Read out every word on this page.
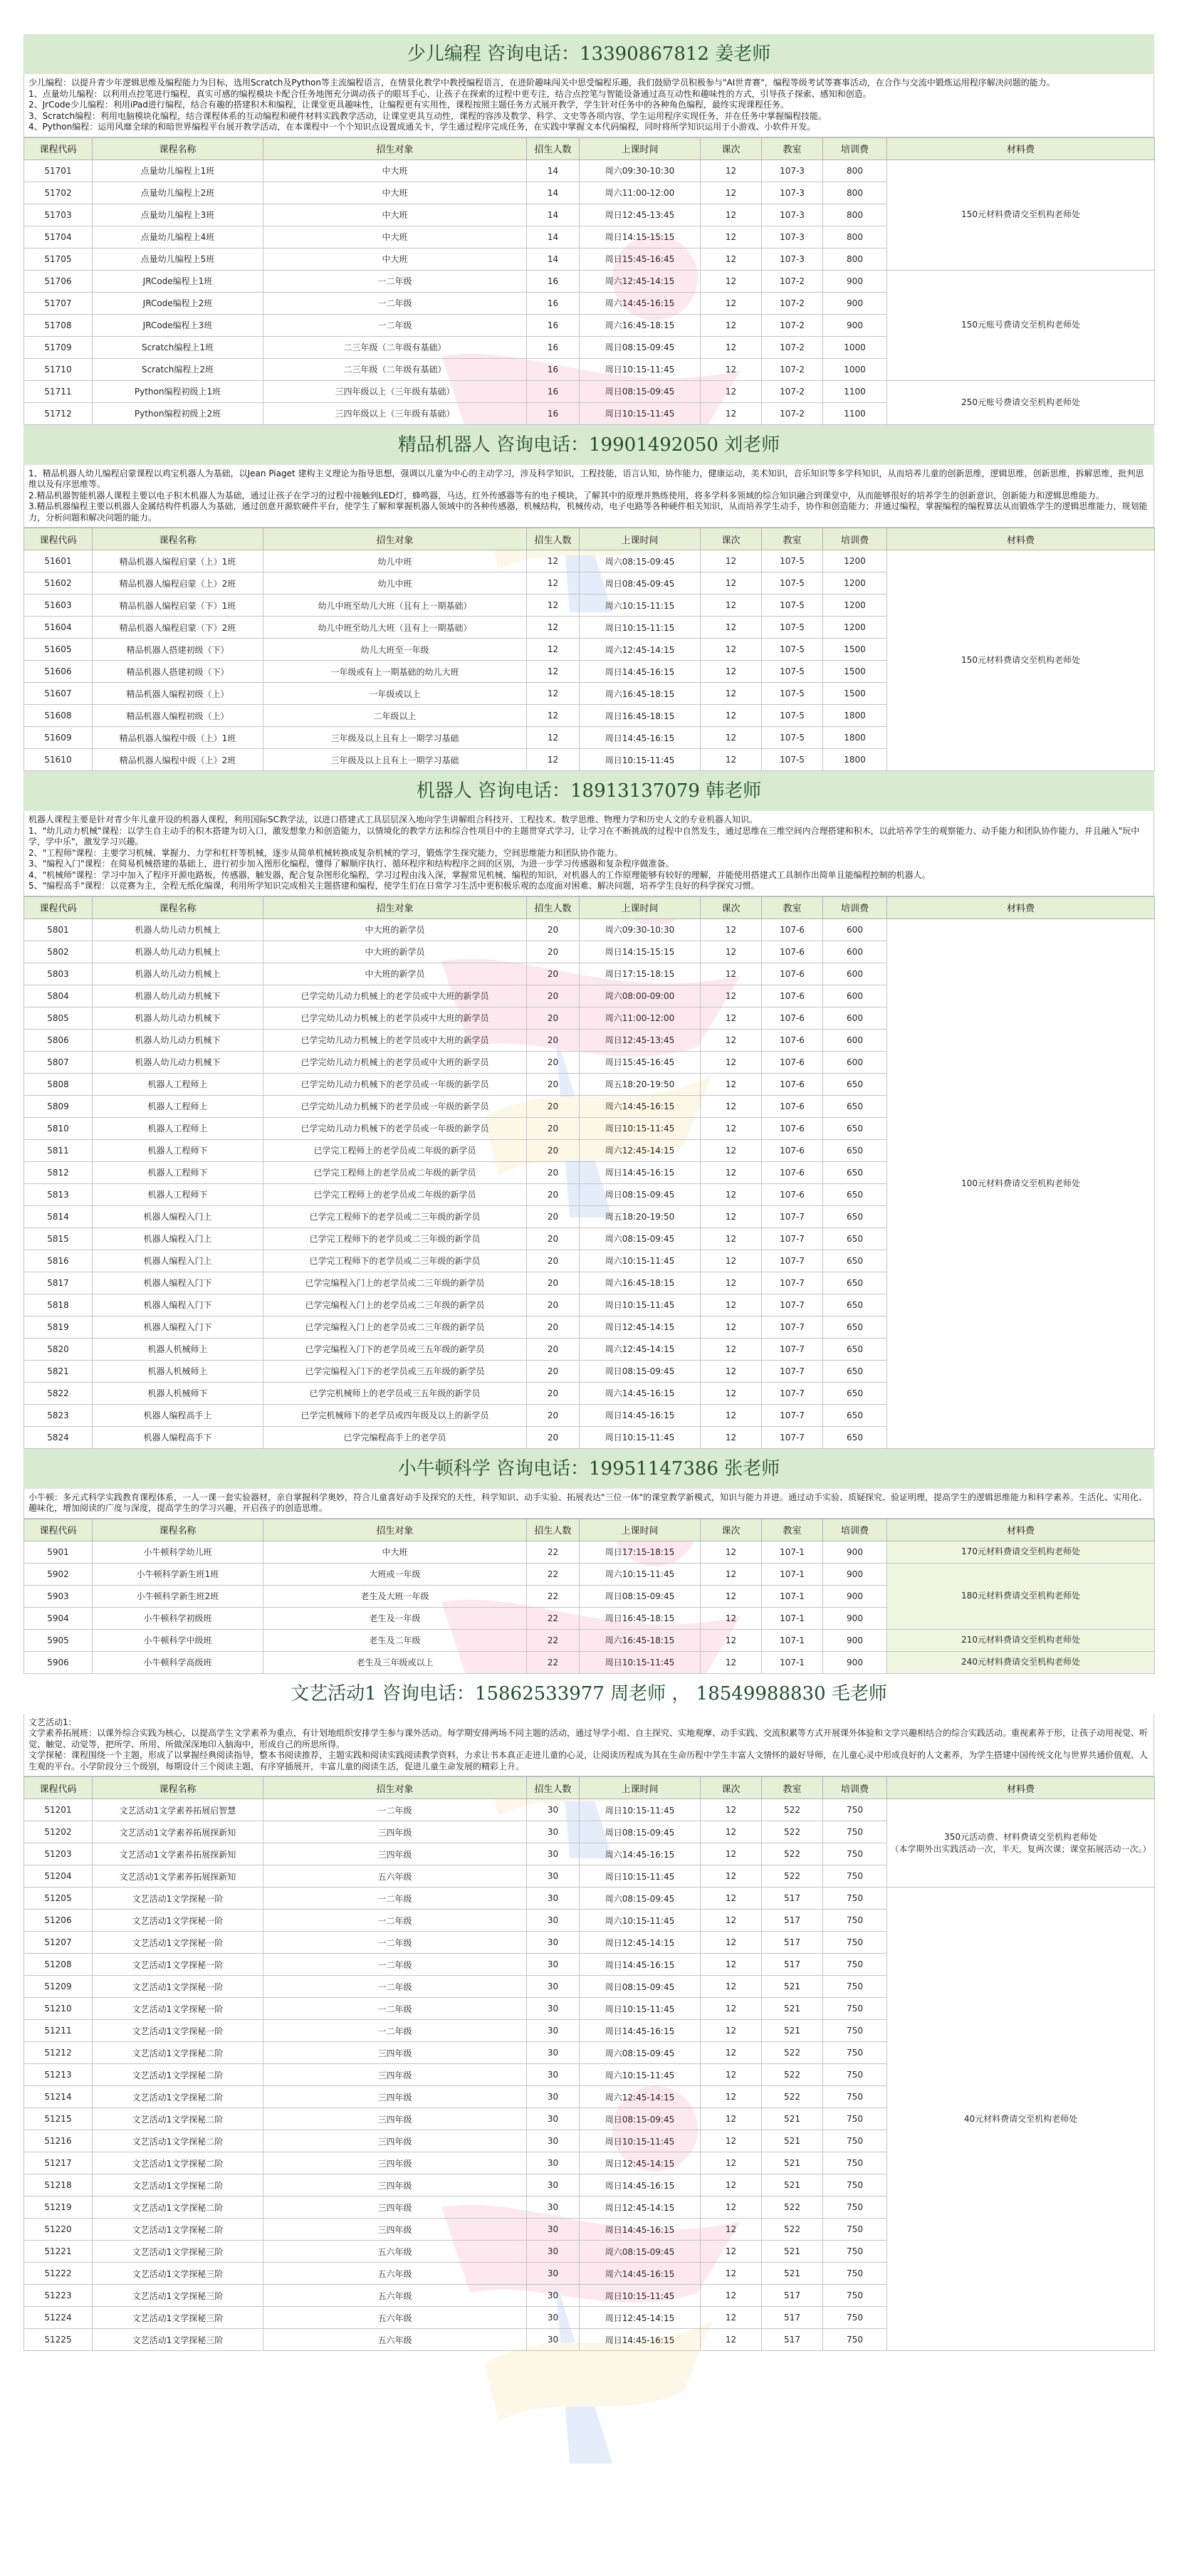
少儿编程 咨询电话：13390867812 姜老师
少儿编程：以提升青少年逻辑思维及编程能力为目标，选用Scratch及Python等主流编程语言，在情景化教学中教授编程语言，在进阶趣味闯关中思受编程乐趣，我们鼓励学员积极参与"AI世青赛"，编程等级考试等赛事活动，在合作与交流中锻炼运用程序解决问题的能力。
1、点量幼儿编程：以利用点控笔进行编程，真实可感的编程模块卡配合任务地图充分调动孩子的眼耳手心，让孩子在探索的过程中更专注，结合点控笔与智能设备通过高互动性和趣味性的方式，引导孩子探索、感知和创造。
2、JrCode少儿编程：利用iPad进行编程，结合有趣的搭建积木和编程，让课堂更具趣味性，让编程更有实用性，课程按照主题任务方式展开教学，学生针对任务中的各种角色编程，最终实现课程任务。
3、Scratch编程：利用电脑模块化编程，结合课程体系的互动编程和硬件材料实践教学活动，让课堂更具互动性，课程的容涉及数学、科学、文史等各项内容，学生运用程序实现任务，并在任务中掌握编程技能。
4、Python编程：运用风靡全球的和暗世界编程平台展开教学活动，在本课程中一个个知识点设置成通关卡，学生通过程序完成任务，在实践中掌握文本代码编程，同时将所学知识运用于小游戏、小软件开发。
课程代码	课程名称	招生对象	招生人数	上课时间	课次	教室	培训费	材料费
51701	点量幼儿编程上1班	中大班	14	周六09:30-10:30	12	107-3	800	150元材料费请交至机构老师处
51702	点量幼儿编程上2班	中大班	14	周六11:00-12:00	12	107-3	800	
51703	点量幼儿编程上3班	中大班	14	周日12:45-13:45	12	107-3	800	
51704	点量幼儿编程上4班	中大班	14	周日14:15-15:15	12	107-3	800	
51705	点量幼儿编程上5班	中大班	14	周日15:45-16:45	12	107-3	800	
51706	JRCode编程上1班	一二年级	16	周六12:45-14:15	12	107-2	900	150元账号费请交至机构老师处
51707	JRCode编程上2班	一二年级	16	周六14:45-16:15	12	107-2	900	
51708	JRCode编程上3班	一二年级	16	周六16:45-18:15	12	107-2	900	
51709	Scratch编程上1班	二三年级（二年级有基础）	16	周日08:15-09:45	12	107-2	1000	
51710	Scratch编程上2班	二三年级（二年级有基础）	16	周日10:15-11:45	12	107-2	1000	
51711	Python编程初级上1班	三四年级以上（三年级有基础）	16	周日08:15-09:45	12	107-2	1100	250元账号费请交至机构老师处
51712	Python编程初级上2班	三四年级以上（三年级有基础）	16	周日10:15-11:45	12	107-2	1100	
精品机器人 咨询电话：19901492050 刘老师
1、精品机器人幼儿编程启蒙课程以鸡宝机器人为基础，以Jean Piaget 建构主义理论为指导思想，强调以儿童为中心的主动学习，涉及科学知识，工程技能，语言认知，协作能力，健康运动，美术知识，音乐知识等多学科知识，从而培养儿童的创新思维，逻辑思维，创新思维，拆解思维，批判思维以及有序思维等。
2.精品机器智能机器人课程主要以电子积木机器人为基础，通过让孩子在学习的过程中接触到LED灯，蜂鸣器，马达，红外传感器等有的电子模块，了解其中的原理并熟练使用，将多学科多领域的综合知识融合到课堂中，从而能够很好的培养学生的创新意识，创新能力和逻辑思维能力。
3.精品机器编程主要以机器人金属结构件机器人为基础，通过创意开源软硬件平台，使学生了解和掌握机器人领域中的各种传感器，机械结构，机械传动，电子电路等各种硬件相关知识，从而培养学生动手，协作和创造能力；并通过编程，掌握编程的编程算法从而锻炼学生的逻辑思维能力，规划能力，分析问题和解决问题的能力。
课程代码	课程名称	招生对象	招生人数	上课时间	课次	教室	培训费	材料费
51601	精品机器人编程启蒙（上）1班	幼儿中班	12	周六08:15-09:45	12	107-5	1200	150元材料费请交至机构老师处
51602	精品机器人编程启蒙（上）2班	幼儿中班	12	周日08:45-09:45	12	107-5	1200	
51603	精品机器人编程启蒙（下）1班	幼儿中班至幼儿大班（且有上一期基础）	12	周六10:15-11:15	12	107-5	1200	
51604	精品机器人编程启蒙（下）2班	幼儿中班至幼儿大班（且有上一期基础）	12	周日10:15-11:15	12	107-5	1200	
51605	精品机器人搭建初级（下）	幼儿大班至一年级	12	周六12:45-14:15	12	107-5	1500	
51606	精品机器人搭建初级（下）	一年级或有上一期基础的幼儿大班	12	周日14:45-16:15	12	107-5	1500	
51607	精品机器人编程初级（上）	一年级或以上	12	周六16:45-18:15	12	107-5	1500	
51608	精品机器人编程初级（上）	二年级以上	12	周日16:45-18:15	12	107-5	1800	
51609	精品机器人编程中级（上）1班	三年级及以上且有上一期学习基础	12	周日14:45-16:15	12	107-5	1800	
51610	精品机器人编程中级（上）2班	三年级及以上且有上一期学习基础	12	周日10:15-11:45	12	107-5	1800	
机器人 咨询电话：18913137079 韩老师
机器人课程主要是针对青少年儿童开设的机器人课程，利用国际SC教学法，以进口搭建式工具层层深入地向学生讲解组合科技开、工程技术、数学思维、物理力学和历史人文的专业机器人知识。
1、"幼儿动力机械"课程：以学生自主动手的积木搭建为切入口，激发想象力和创造能力，以情境化的教学方法和综合性项目中的主题贯穿式学习，让学习在不断挑战的过程中自然发生，通过思维在三维空间内合理搭建和积木，以此培养学生的观察能力、动手能力和团队协作能力，并且融入"玩中学，学中乐"，激发学习兴趣。
2、"工程师"课程：主要学习机械、掌握力、力学和杠杆等机械，逐步从简单机械转换成复杂机械的学习，锻炼学生探究能力，空间思维能力和团队协作能力。
3、"编程入门"课程：在简易机械搭建的基础上，进行初步加入图形化编程，懂得了解顺序执行、循环程序和结构程序之间的区别，为进一步学习传感器和复杂程序做准备。
4、"机械师"课程：学习中加入了程序开源电路板，传感器，触发器，配合复杂图形化编程，学习过程由浅入深，掌握常见机械、编程的知识，对机器人的工作原理能够有较好的理解，并能使用搭建式工具制作出简单且能编程控制的机器人。
5、"编程高手"课程：以竞赛为主，全程无纸化编课，利用所学知识完成相关主题搭建和编程，使学生们在日常学习生活中更积极乐观的态度面对困难、解决问题，培养学生良好的科学探究习惯。
课程代码	课程名称	招生对象	招生人数	上课时间	课次	教室	培训费	材料费
5801	机器人幼儿动力机械上	中大班的新学员	20	周六09:30-10:30	12	107-6	600	100元材料费请交至机构老师处
5802	机器人幼儿动力机械上	中大班的新学员	20	周日14:15-15:15	12	107-6	600	
5803	机器人幼儿动力机械上	中大班的新学员	20	周日17:15-18:15	12	107-6	600	
5804	机器人幼儿动力机械下	已学完幼儿动力机械上的老学员或中大班的新学员	20	周六08:00-09:00	12	107-6	600	
5805	机器人幼儿动力机械下	已学完幼儿动力机械上的老学员或中大班的新学员	20	周六11:00-12:00	12	107-6	600	
5806	机器人幼儿动力机械下	已学完幼儿动力机械上的老学员或中大班的新学员	20	周日12:45-13:45	12	107-6	600	
5807	机器人幼儿动力机械下	已学完幼儿动力机械上的老学员或中大班的新学员	20	周日15:45-16:45	12	107-6	600	
5808	机器人工程师上	已学完幼儿动力机械下的老学员或一年级的新学员	20	周五18:20-19:50	12	107-6	650	
5809	机器人工程师上	已学完幼儿动力机械下的老学员或一年级的新学员	20	周六14:45-16:15	12	107-6	650	
5810	机器人工程师上	已学完幼儿动力机械下的老学员或一年级的新学员	20	周日10:15-11:45	12	107-6	650	
5811	机器人工程师下	已学完工程师上的老学员或二年级的新学员	20	周六12:45-14:15	12	107-6	650	
5812	机器人工程师下	已学完工程师上的老学员或二年级的新学员	20	周日14:45-16:15	12	107-6	650	
5813	机器人工程师下	已学完工程师上的老学员或二年级的新学员	20	周日08:15-09:45	12	107-6	650	
5814	机器人编程入门上	已学完工程师下的老学员或二三年级的新学员	20	周五18:20-19:50	12	107-7	650	
5815	机器人编程入门上	已学完工程师下的老学员或二三年级的新学员	20	周六08:15-09:45	12	107-7	650	
5816	机器人编程入门上	已学完工程师下的老学员或二三年级的新学员	20	周六10:15-11:45	12	107-7	650	
5817	机器人编程入门下	已学完编程入门上的老学员或二三年级的新学员	20	周六16:45-18:15	12	107-7	650	
5818	机器人编程入门下	已学完编程入门上的老学员或二三年级的新学员	20	周日10:15-11:45	12	107-7	650	
5819	机器人编程入门下	已学完编程入门上的老学员或二三年级的新学员	20	周日12:45-14:15	12	107-7	650	
5820	机器人机械师上	已学完编程入门下的老学员或三五年级的新学员	20	周六12:45-14:15	12	107-7	650	
5821	机器人机械师上	已学完编程入门下的老学员或三五年级的新学员	20	周日08:15-09:45	12	107-7	650	
5822	机器人机械师下	已学完机械师上的老学员或三五年级的新学员	20	周六14:45-16:15	12	107-7	650	
5823	机器人编程高手上	已学完机械师下的老学员或四年级及以上的新学员	20	周日14:45-16:15	12	107-7	650	
5824	机器人编程高手下	已学完编程高手上的老学员	20	周日10:15-11:45	12	107-7	650	
小牛顿科学 咨询电话：19951147386 张老师
小牛顿：多元式科学实践教育课程体系，一人一课一套实验器材，亲自掌握科学奥妙，符合儿童喜好动手及探究的天性，科学知识、动手实验、拓展表达"三位一体"的课堂教学新模式，知识与能力并进。通过动手实验、质疑探究、验证明理，提高学生的逻辑思维能力和科学素养。生活化、实用化、趣味化，增加阅读的广度与深度，提高学生的学习兴趣，开启孩子的创造思维。
课程代码	课程名称	招生对象	招生人数	上课时间	课次	教室	培训费	材料费
5901	小牛顿科学幼儿班	中大班	22	周日17:15-18:15	12	107-1	900	170元材料费请交至机构老师处
5902	小牛顿科学新生班1班	大班或一年级	22	周六10:15-11:45	12	107-1	900	180元材料费请交至机构老师处
5903	小牛顿科学新生班2班	老生及大班一年级	22	周日08:15-09:45	12	107-1	900	
5904	小牛顿科学初级班	老生及一年级	22	周日16:45-18:15	12	107-1	900	
5905	小牛顿科学中级班	老生及二年级	22	周六16:45-18:15	12	107-1	900	210元材料费请交至机构老师处
5906	小牛顿科学高级班	老生及三年级或以上	22	周日10:15-11:45	12	107-1	900	240元材料费请交至机构老师处
文艺活动1 咨询电话：15862533977 周老师 ， 18549988830 毛老师
文艺活动1：
文学素养拓展班：以课外综合实践为核心，以提高学生文学素养为重点，有计划地组织安排学生参与课外活动。每学期安排两场不同主题的活动，通过导学小组、自主探究、实地观摩、动手实践、交流积累等方式开展课外体验和文学兴趣相结合的综合实践活动。重视素养于形，让孩子动用视觉、听觉、触觉、动觉等，把所学、所用、所做深深地印入脑海中，形成自己的所思所得。
文学探秘：课程围绕一个主题，形成了以掌握经典阅读指导，整本书阅读推荐，主题实践和阅读实践阅读教学资料，力求让书本真正走进儿童的心灵，让阅读历程成为其在生命历程中学生丰富人文情怀的最好导师，在儿童心灵中形成良好的人文素养，为学生搭建中国传统文化与世界共通价值观、人生观的平台。小学阶段分三个级别，每期设计三个阅读主题，有序穿插展开，丰富儿童的阅读生活，促进儿童生命发展的精彩上升。
课程代码	课程名称	招生对象	招生人数	上课时间	课次	教室	培训费	材料费
51201	文艺活动1文学素养拓展启智慧	一二年级	30	周日10:15-11:45	12	522	750	350元活动费、材料费请交至机构老师处
（本学期外出实践活动一次，半天，复两次课；课堂拓展活动一次。）
51202	文艺活动1文学素养拓展探新知	三四年级	30	周日08:15-09:45	12	522	750	
51203	文艺活动1文学素养拓展探新知	三四年级	30	周六14:45-16:15	12	522	750	
51204	文艺活动1文学素养拓展探新知	五六年级	30	周日10:15-11:45	12	522	750	
51205	文艺活动1文学探秘一阶	一二年级	30	周六08:15-09:45	12	517	750	40元材料费请交至机构老师处
51206	文艺活动1文学探秘一阶	一二年级	30	周六10:15-11:45	12	517	750	
51207	文艺活动1文学探秘一阶	一二年级	30	周日12:45-14:15	12	517	750	
51208	文艺活动1文学探秘一阶	一二年级	30	周日14:45-16:15	12	517	750	
51209	文艺活动1文学探秘一阶	一二年级	30	周日08:15-09:45	12	521	750	
51210	文艺活动1文学探秘一阶	一二年级	30	周日10:15-11:45	12	521	750	
51211	文艺活动1文学探秘一阶	一二年级	30	周日14:45-16:15	12	521	750	
51212	文艺活动1文学探秘二阶	三四年级	30	周六08:15-09:45	12	522	750	
51213	文艺活动1文学探秘二阶	三四年级	30	周六10:15-11:45	12	522	750	
51214	文艺活动1文学探秘二阶	三四年级	30	周六12:45-14:15	12	522	750	
51215	文艺活动1文学探秘二阶	三四年级	30	周日08:15-09:45	12	521	750	
51216	文艺活动1文学探秘二阶	三四年级	30	周日10:15-11:45	12	521	750	
51217	文艺活动1文学探秘二阶	三四年级	30	周日12:45-14:15	12	521	750	
51218	文艺活动1文学探秘二阶	三四年级	30	周日14:45-16:15	12	521	750	
51219	文艺活动1文学探秘二阶	三四年级	30	周日12:45-14:15	12	522	750	
51220	文艺活动1文学探秘二阶	三四年级	30	周日14:45-16:15	12	522	750	
51221	文艺活动1文学探秘三阶	五六年级	30	周六08:15-09:45	12	521	750	
51222	文艺活动1文学探秘三阶	五六年级	30	周六14:45-16:15	12	521	750	
51223	文艺活动1文学探秘三阶	五六年级	30	周日10:15-11:45	12	517	750	
51224	文艺活动1文学探秘三阶	五六年级	30	周日12:45-14:15	12	517	750	
51225	文艺活动1文学探秘三阶	五六年级	30	周日14:45-16:15	12	517	750	
